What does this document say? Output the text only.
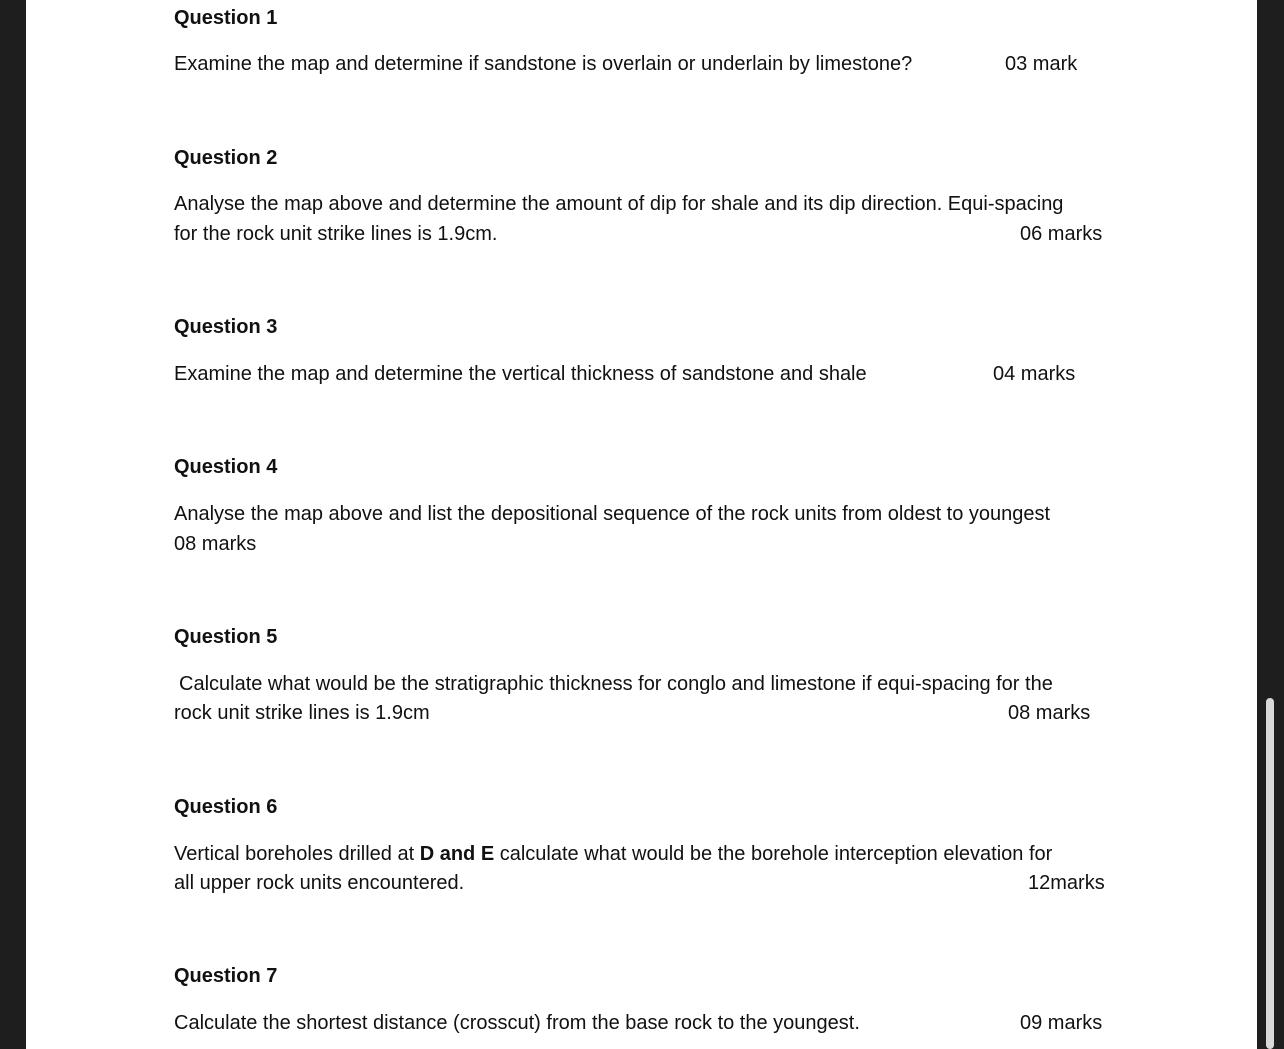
Question 1
Examine the map and determine if sandstone is overlain or underlain by limestone?	03 mark
Question 2
Analyse the map above and determine the amount of dip for shale and its dip direction. Equi-spacing
for the rock unit strike lines is 1.9cm.	06 marks
Question 3
Examine the map and determine the vertical thickness of sandstone and shale	04 marks
Question 4
Analyse the map above and list the depositional sequence of the rock units from oldest to youngest
08 marks
Question 5
Calculate what would be the stratigraphic thickness for conglo and limestone if equi-spacing for the
rock unit strike lines is 1.9cm	08 marks
Question 6
Vertical boreholes drilled at D and E calculate what would be the borehole interception elevation for
all upper rock units encountered.	12marks
Question 7
Calculate the shortest distance (crosscut) from the base rock to the youngest.	09 marks
